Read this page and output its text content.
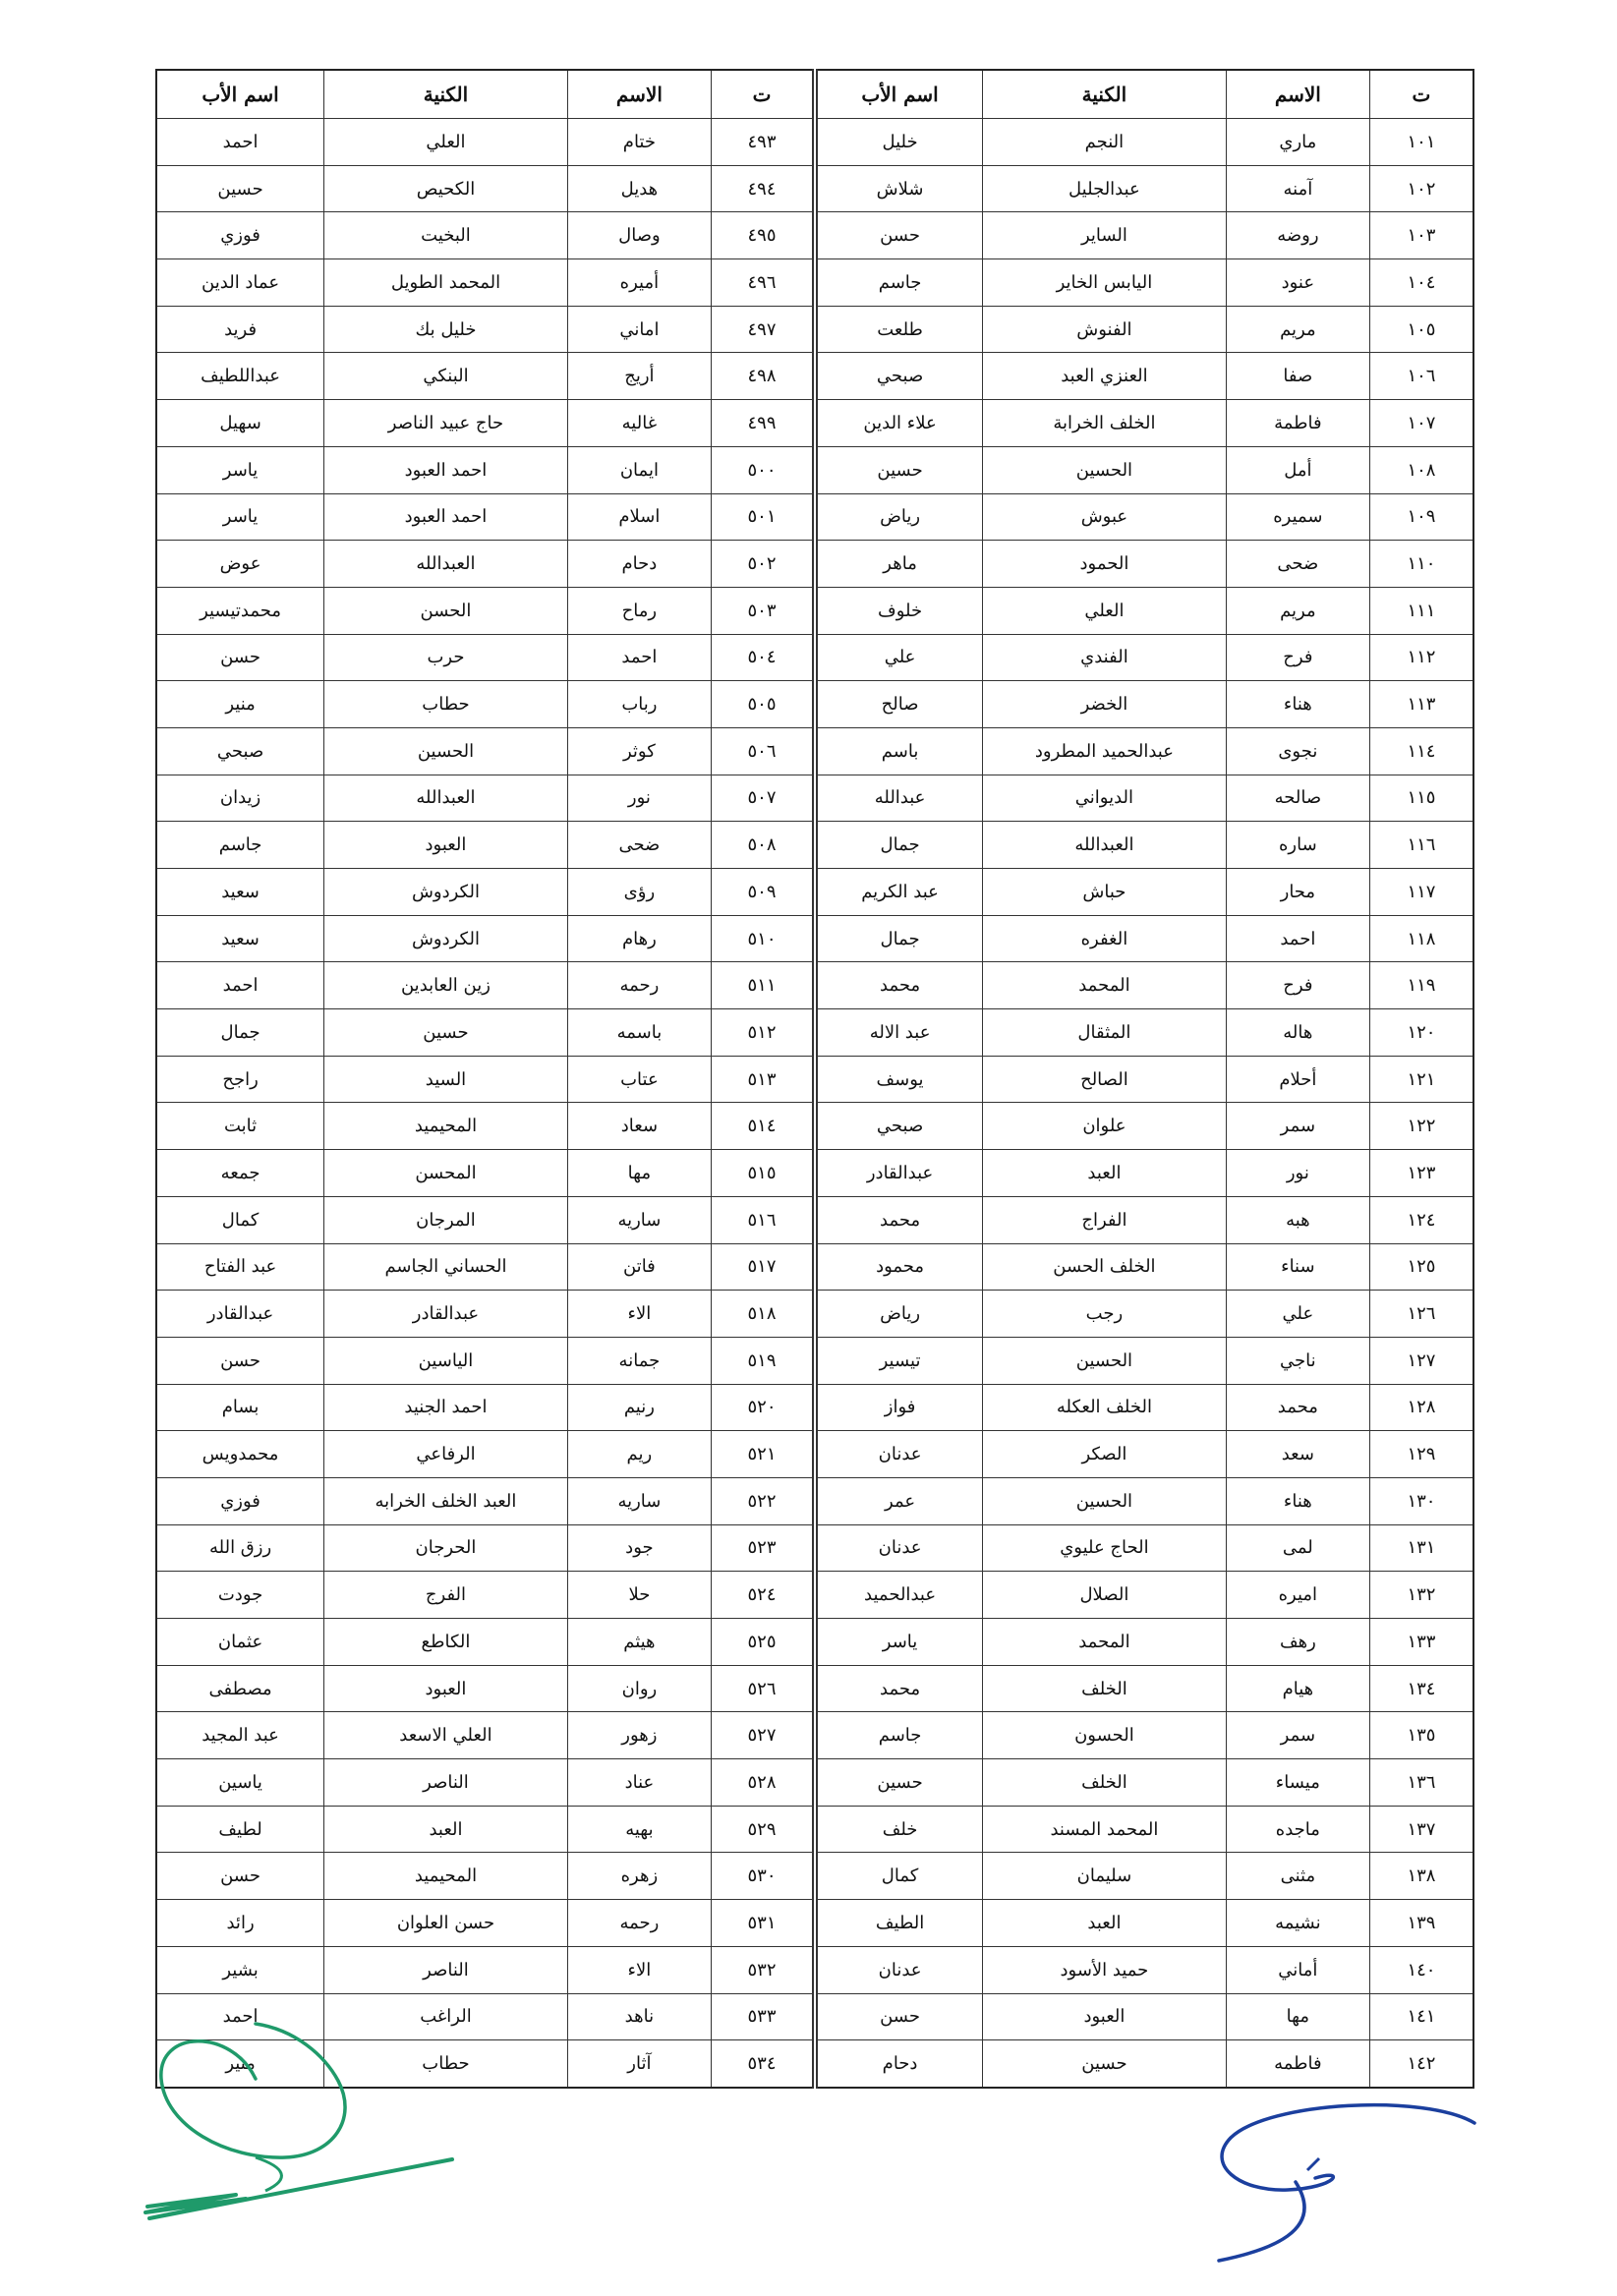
ت	الاسم	الكنية	اسم الأب	ت	الاسم	الكنية	اسم الأب
١٠١	ماري	النجم	خليل	٤٩٣	ختام	العلي	احمد
١٠٢	آمنه	عبدالجليل	شلاش	٤٩٤	هديل	الكحيص	حسين
١٠٣	روضه	الساير	حسن	٤٩٥	وصال	البخيت	فوزي
١٠٤	عنود	اليابس الخاير	جاسم	٤٩٦	أميره	المحمد الطويل	عماد الدين
١٠٥	مريم	الفنوش	طلعت	٤٩٧	اماني	خليل بك	فريد
١٠٦	صفا	العنزي العبد	صبحي	٤٩٨	أريج	البنكي	عبداللطيف
١٠٧	فاطمة	الخلف الخرابة	علاء الدين	٤٩٩	غاليه	حاج عبيد الناصر	سهيل
١٠٨	أمل	الحسين	حسين	٥٠٠	ايمان	احمد العبود	ياسر
١٠٩	سميره	عبوش	رياض	٥٠١	اسلام	احمد العبود	ياسر
١١٠	ضحى	الحمود	ماهر	٥٠٢	دحام	العبدالله	عوض
١١١	مريم	العلي	خلوف	٥٠٣	رماح	الحسن	محمدتيسير
١١٢	فرح	الفندي	علي	٥٠٤	احمد	حرب	حسن
١١٣	هناء	الخضر	صالح	٥٠٥	رباب	حطاب	منير
١١٤	نجوى	عبدالحميد المطرود	باسم	٥٠٦	كوثر	الحسين	صبحي
١١٥	صالحه	الديواني	عبدالله	٥٠٧	نور	العبدالله	زيدان
١١٦	ساره	العبدالله	جمال	٥٠٨	ضحى	العبود	جاسم
١١٧	محار	حباش	عبد الكريم	٥٠٩	رؤى	الكردوش	سعيد
١١٨	احمد	الغفره	جمال	٥١٠	رهام	الكردوش	سعيد
١١٩	فرح	المحمد	محمد	٥١١	رحمه	زين العابدين	احمد
١٢٠	هاله	المثقال	عبد الاله	٥١٢	باسمه	حسين	جمال
١٢١	أحلام	الصالح	يوسف	٥١٣	عتاب	السيد	راجح
١٢٢	سمر	علوان	صبحي	٥١٤	سعاد	المحيميد	ثابت
١٢٣	نور	العبد	عبدالقادر	٥١٥	مها	المحسن	جمعه
١٢٤	هبه	الفراج	محمد	٥١٦	ساريه	المرجان	كمال
١٢٥	سناء	الخلف الحسن	محمود	٥١٧	فاتن	الحساني الجاسم	عبد الفتاح
١٢٦	علي	رجب	رياض	٥١٨	الاء	عبدالقادر	عبدالقادر
١٢٧	ناجي	الحسين	تيسير	٥١٩	جمانه	الياسين	حسن
١٢٨	محمد	الخلف العكله	فواز	٥٢٠	رنيم	احمد الجنيد	بسام
١٢٩	سعد	الصكر	عدنان	٥٢١	ريم	الرفاعي	محمدويس
١٣٠	هناء	الحسين	عمر	٥٢٢	ساريه	العبد الخلف الخرابه	فوزي
١٣١	لمى	الحاج عليوي	عدنان	٥٢٣	جود	الحرجان	رزق الله
١٣٢	اميره	الصلال	عبدالحميد	٥٢٤	حلا	الفرج	جودت
١٣٣	رهف	المحمد	ياسر	٥٢٥	هيثم	الكاطع	عثمان
١٣٤	هيام	الخلف	محمد	٥٢٦	روان	العبود	مصطفى
١٣٥	سمر	الحسون	جاسم	٥٢٧	زهور	العلي الاسعد	عبد المجيد
١٣٦	ميساء	الخلف	حسين	٥٢٨	عناد	الناصر	ياسين
١٣٧	ماجده	المحمد المسند	خلف	٥٢٩	بهيه	العبد	لطيف
١٣٨	مثنى	سليمان	كمال	٥٣٠	زهره	المحيميد	حسن
١٣٩	نشيمه	العبد	الطيف	٥٣١	رحمه	حسن العلوان	رائد
١٤٠	أماني	حميد الأسود	عدنان	٥٣٢	الاء	الناصر	بشير
١٤١	مها	العبود	حسن	٥٣٣	ناهد	الراغب	احمد
١٤٢	فاطمه	حسين	دحام	٥٣٤	آثار	حطاب	منير
